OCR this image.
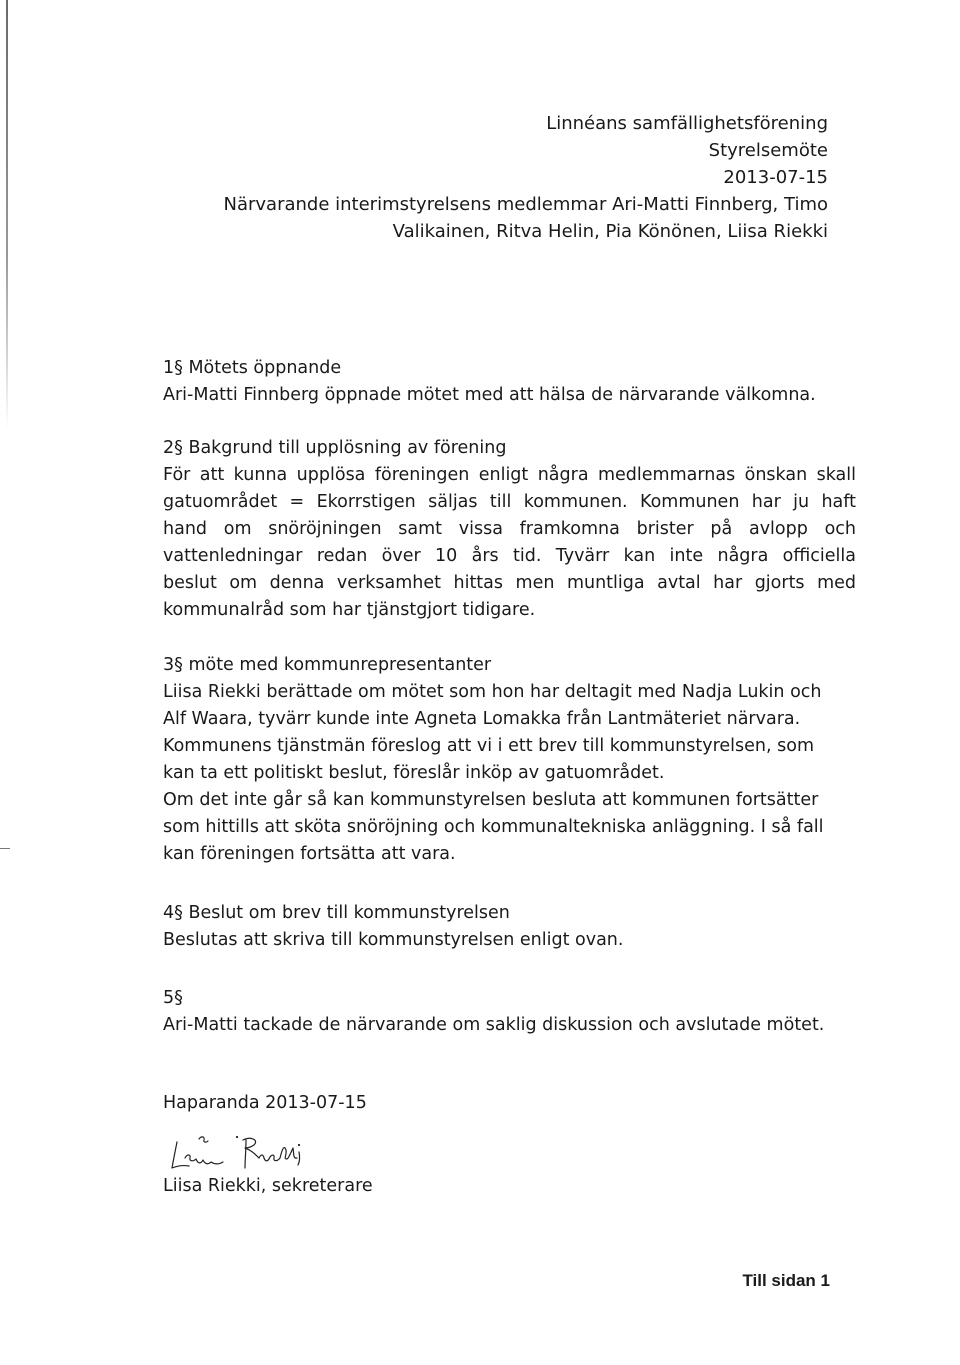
Linnéans samfällighetsförening
Styrelsemöte
2013-07-15
Närvarande interimstyrelsens medlemmar Ari-Matti Finnberg, Timo
Valikainen, Ritva Helin, Pia Könönen, Liisa Riekki
1§ Mötets öppnande
Ari-Matti Finnberg öppnade mötet med att hälsa de närvarande välkomna.
2§ Bakgrund till upplösning av förening
För att kunna upplösa föreningen enligt några medlemmarnas önskan skall
gatuområdet = Ekorrstigen säljas till kommunen. Kommunen har ju haft
hand om snöröjningen samt vissa framkomna brister på avlopp och
vattenledningar redan över 10 års tid. Tyvärr kan inte några officiella
beslut om denna verksamhet hittas men muntliga avtal har gjorts med
kommunalråd som har tjänstgjort tidigare.
3§ möte med kommunrepresentanter
Liisa Riekki berättade om mötet som hon har deltagit med Nadja Lukin och
Alf Waara, tyvärr kunde inte Agneta Lomakka från Lantmäteriet närvara.
Kommunens tjänstmän föreslog att vi i ett brev till kommunstyrelsen, som
kan ta ett politiskt beslut, föreslår inköp av gatuområdet.
Om det inte går så kan kommunstyrelsen besluta att kommunen fortsätter
som hittills att sköta snöröjning och kommunaltekniska anläggning. I så fall
kan föreningen fortsätta att vara.
4§ Beslut om brev till kommunstyrelsen
Beslutas att skriva till kommunstyrelsen enligt ovan.
5§
Ari-Matti tackade de närvarande om saklig diskussion och avslutade mötet.
Haparanda 2013-07-15
Liisa Riekki, sekreterare
Till sidan 1
